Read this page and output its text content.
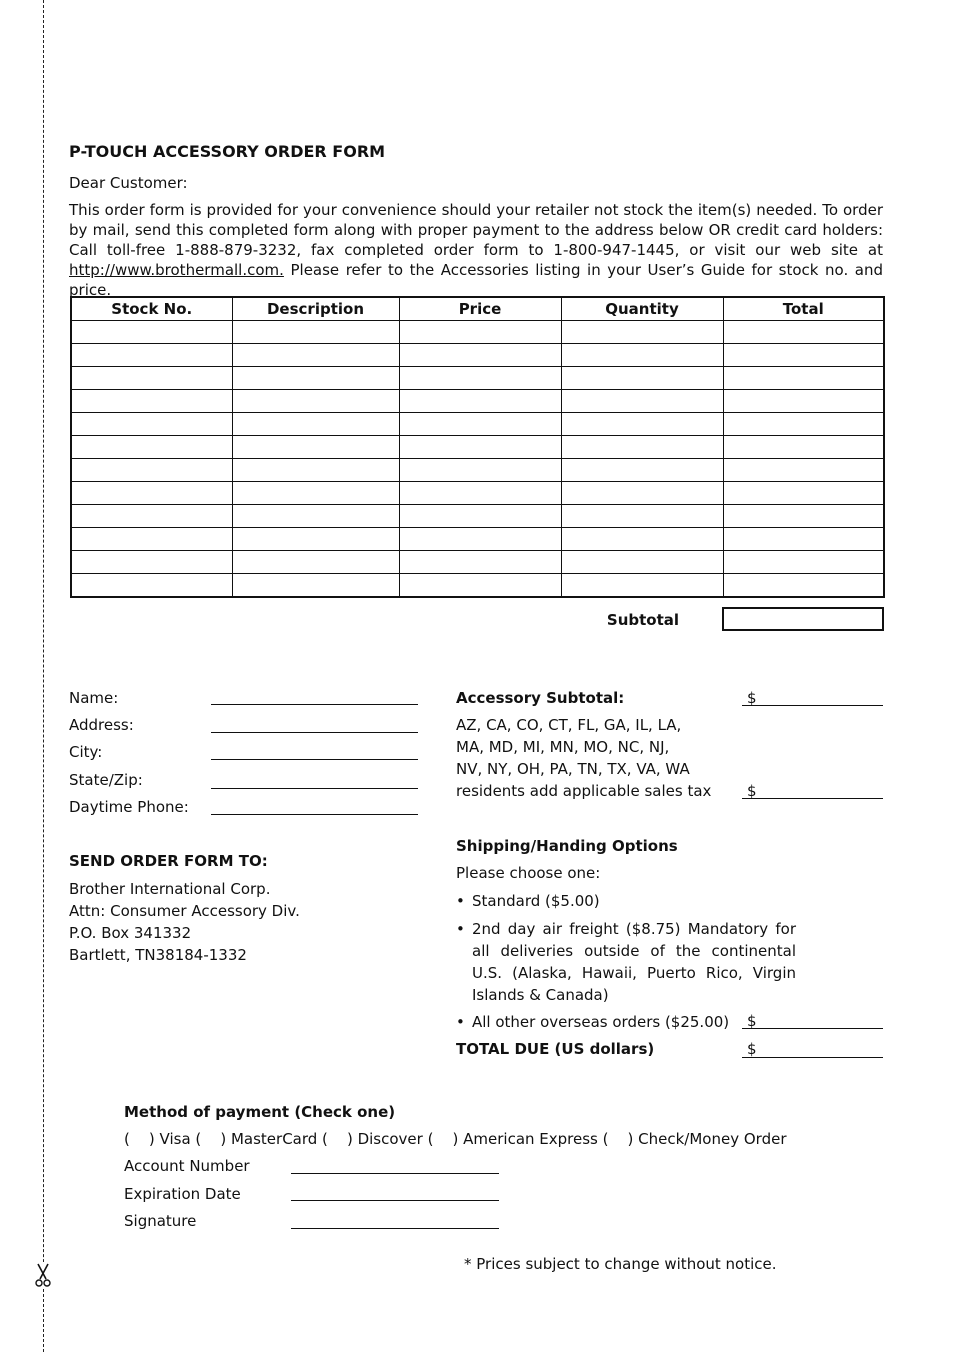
P-TOUCH ACCESSORY ORDER FORM
Dear Customer:
This order form is provided for your convenience should your retailer not stock the item(s) needed. To order by mail, send this completed form along with proper payment to the address below OR credit card holders: Call toll-free 1-888-879-3232, fax completed order form to 1-800-947-1445, or visit our web site at http://www.brothermall.com. Please refer to the Accessories listing in your User’s Guide for stock no. and price.
Stock No.	Description	Price	Quantity	Total

Subtotal
Name:
Address:
City:
State/Zip:
Daytime Phone:
SEND ORDER FORM TO:
Brother International Corp.
Attn: Consumer Accessory Div.
P.O. Box 341332
Bartlett, TN38184-1332
Accessory Subtotal:	$
AZ, CA, CO, CT, FL, GA, IL, LA,
MA, MD, MI, MN, MO, NC, NJ,
NV, NY, OH, PA, TN, TX, VA, WA
residents add applicable sales tax $
Shipping/Handing Options
Please choose one:
• Standard ($5.00)
• 2nd day air freight ($8.75) Mandatory for all deliveries outside of the continental U.S. (Alaska, Hawaii, Puerto Rico, Virgin Islands & Canada)
• All other overseas orders ($25.00)	$
TOTAL DUE (US dollars)	$
Method of payment (Check one)
(    ) Visa (    ) MasterCard (    ) Discover (    ) American Express (    ) Check/Money Order
Account Number
Expiration Date
Signature
* Prices subject to change without notice.
